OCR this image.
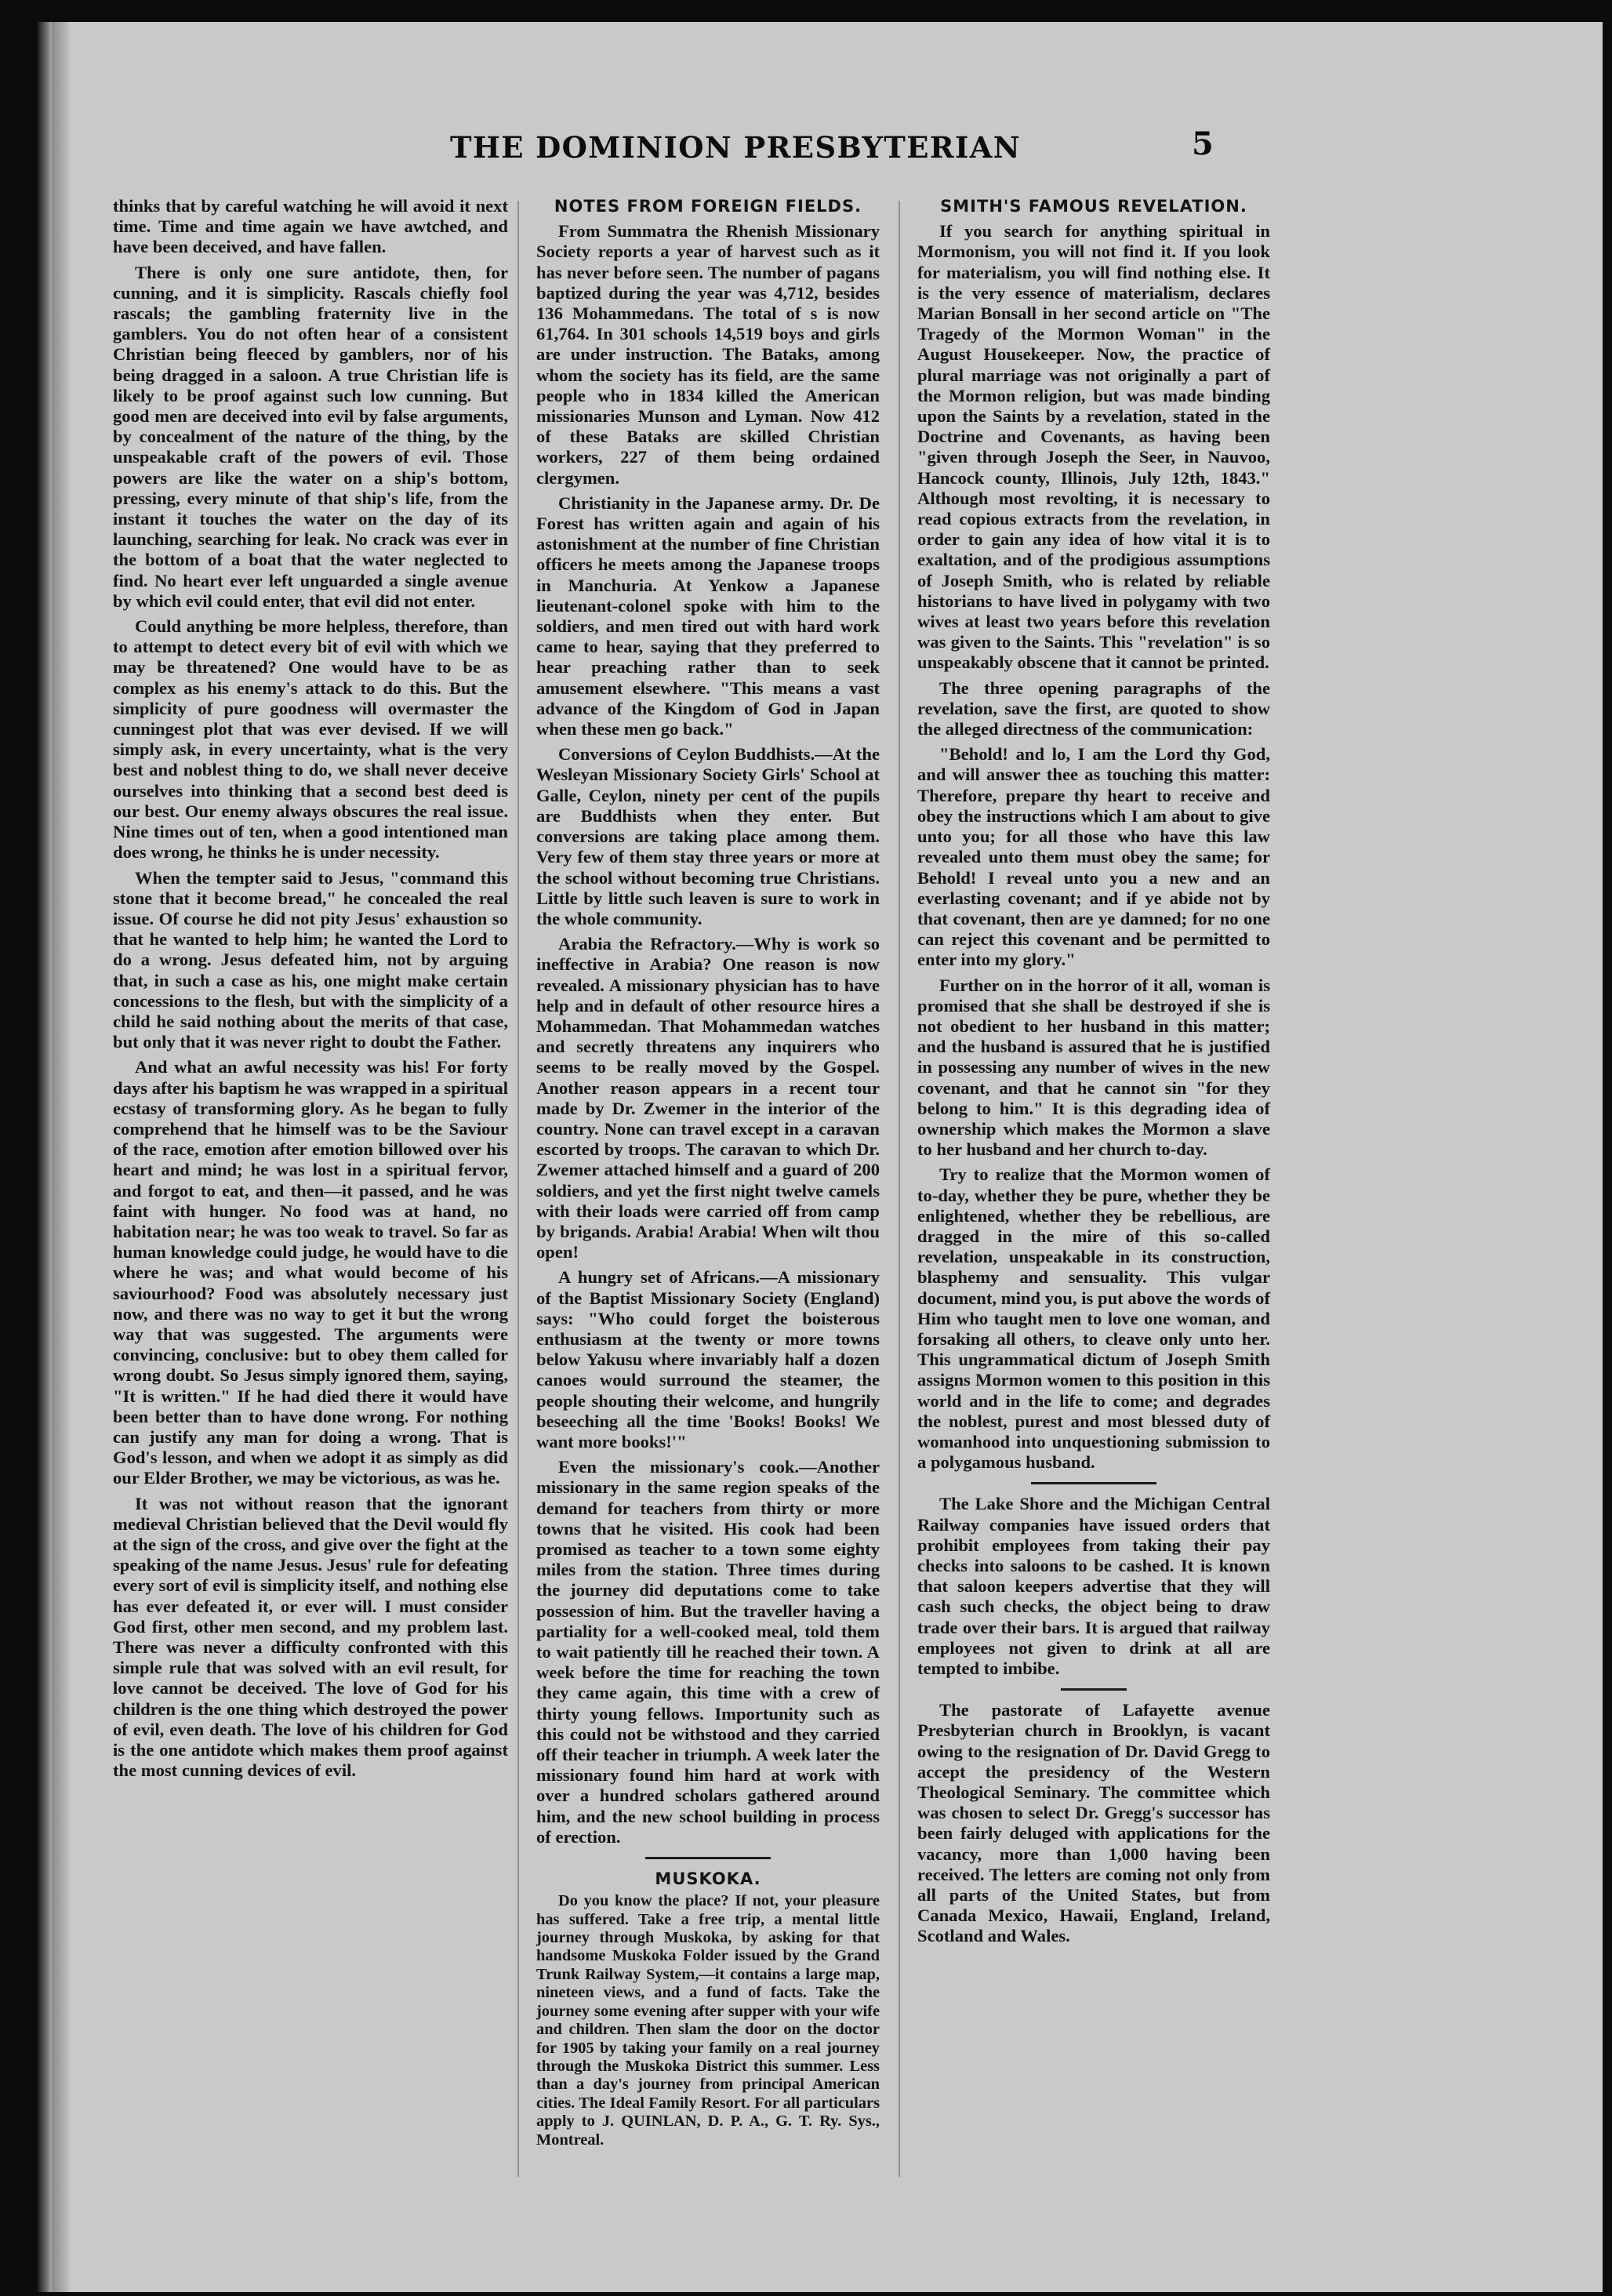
THE DOMINION PRESBYTERIAN	5

thinks that by careful watching he will avoid it next time. Time and time again we have awtched, and have been deceived, and have fallen.

There is only one sure antidote, then, for cunning, and it is simplicity. Rascals chiefly fool rascals; the gambling fraternity live in the gamblers. You do not often hear of a consistent Christian being fleeced by gamblers, nor of his being dragged in a saloon. A true Christian life is likely to be proof against such low cunning. But good men are deceived into evil by false arguments, by concealment of the nature of the thing, by the unspeakable craft of the powers of evil. Those powers are like the water on a ship's bottom, pressing, every minute of that ship's life, from the instant it touches the water on the day of its launching, searching for leak. No crack was ever in the bottom of a boat that the water neglected to find. No heart ever left unguarded a single avenue by which evil could enter, that evil did not enter.

Could anything be more helpless, therefore, than to attempt to detect every bit of evil with which we may be threatened? One would have to be as complex as his enemy's attack to do this. But the simplicity of pure goodness will overmaster the cunningest plot that was ever devised. If we will simply ask, in every uncertainty, what is the very best and noblest thing to do, we shall never deceive ourselves into thinking that a second best deed is our best. Our enemy always obscures the real issue. Nine times out of ten, when a good intentioned man does wrong, he thinks he is under necessity.

When the tempter said to Jesus, "command this stone that it become bread," he concealed the real issue. Of course he did not pity Jesus' exhaustion so that he wanted to help him; he wanted the Lord to do a wrong. Jesus defeated him, not by arguing that, in such a case as his, one might make certain concessions to the flesh, but with the simplicity of a child he said nothing about the merits of that case, but only that it was never right to doubt the Father.

And what an awful necessity was his! For forty days after his baptism he was wrapped in a spiritual ecstasy of transforming glory. As he began to fully comprehend that he himself was to be the Saviour of the race, emotion after emotion billowed over his heart and mind; he was lost in a spiritual fervor, and forgot to eat, and then—it passed, and he was faint with hunger. No food was at hand, no habitation near; he was too weak to travel. So far as human knowledge could judge, he would have to die where he was; and what would become of his saviourhood? Food was absolutely necessary just now, and there was no way to get it but the wrong way that was suggested. The arguments were convincing, conclusive: but to obey them called for wrong doubt. So Jesus simply ignored them, saying, "It is written." If he had died there it would have been better than to have done wrong. For nothing can justify any man for doing a wrong. That is God's lesson, and when we adopt it as simply as did our Elder Brother, we may be victorious, as was he.

It was not without reason that the ignorant medieval Christian believed that the Devil would fly at the sign of the cross, and give over the fight at the speaking of the name Jesus. Jesus' rule for defeating every sort of evil is simplicity itself, and nothing else has ever defeated it, or ever will. I must consider God first, other men second, and my problem last. There was never a difficulty confronted with this simple rule that was solved with an evil result, for love cannot be deceived. The love of God for his children is the one thing which destroyed the power of evil, even death. The love of his children for God is the one antidote which makes them proof against the most cunning devices of evil.

NOTES FROM FOREIGN FIELDS.

From Summatra the Rhenish Missionary Society reports a year of harvest such as it has never before seen. The number of pagans baptized during the year was 4,712, besides 136 Mohammedans. The total of s is now 61,764. In 301 schools 14,519 boys and girls are under instruction. The Bataks, among whom the society has its field, are the same people who in 1834 killed the American missionaries Munson and Lyman. Now 412 of these Bataks are skilled Christian workers, 227 of them being ordained clergymen.

Christianity in the Japanese army. Dr. De Forest has written again and again of his astonishment at the number of fine Christian officers he meets among the Japanese troops in Manchuria. At Yenkow a Japanese lieutenant-colonel spoke with him to the soldiers, and men tired out with hard work came to hear, saying that they preferred to hear preaching rather than to seek amusement elsewhere. "This means a vast advance of the Kingdom of God in Japan when these men go back."

Conversions of Ceylon Buddhists.—At the Wesleyan Missionary Society Girls' School at Galle, Ceylon, ninety per cent of the pupils are Buddhists when they enter. But conversions are taking place among them. Very few of them stay three years or more at the school without becoming true Christians. Little by little such leaven is sure to work in the whole community.

Arabia the Refractory.—Why is work so ineffective in Arabia? One reason is now revealed. A missionary physician has to have help and in default of other resource hires a Mohammedan. That Mohammedan watches and secretly threatens any inquirers who seems to be really moved by the Gospel. Another reason appears in a recent tour made by Dr. Zwemer in the interior of the country. None can travel except in a caravan escorted by troops. The caravan to which Dr. Zwemer attached himself and a guard of 200 soldiers, and yet the first night twelve camels with their loads were carried off from camp by brigands. Arabia! Arabia! When wilt thou open!

A hungry set of Africans.—A missionary of the Baptist Missionary Society (England) says: "Who could forget the boisterous enthusiasm at the twenty or more towns below Yakusu where invariably half a dozen canoes would surround the steamer, the people shouting their welcome, and hungrily beseeching all the time 'Books! Books! We want more books!'"

Even the missionary's cook.—Another missionary in the same region speaks of the demand for teachers from thirty or more towns that he visited. His cook had been promised as teacher to a town some eighty miles from the station. Three times during the journey did deputations come to take possession of him. But the traveller having a partiality for a well-cooked meal, told them to wait patiently till he reached their town. A week before the time for reaching the town they came again, this time with a crew of thirty young fellows. Importunity such as this could not be withstood and they carried off their teacher in triumph. A week later the missionary found him hard at work with over a hundred scholars gathered around him, and the new school building in process of erection.

MUSKOKA.

Do you know the place? If not, your pleasure has suffered. Take a free trip, a mental little journey through Muskoka, by asking for that handsome Muskoka Folder issued by the Grand Trunk Railway System,—it contains a large map, nineteen views, and a fund of facts. Take the journey some evening after supper with your wife and children. Then slam the door on the doctor for 1905 by taking your family on a real journey through the Muskoka District this summer. Less than a day's journey from principal American cities. The Ideal Family Resort. For all particulars apply to J. QUINLAN, D. P. A., G. T. Ry. Sys., Montreal.

SMITH'S FAMOUS REVELATION.

If you search for anything spiritual in Mormonism, you will not find it. If you look for materialism, you will find nothing else. It is the very essence of materialism, declares Marian Bonsall in her second article on "The Tragedy of the Mormon Woman" in the August Housekeeper. Now, the practice of plural marriage was not originally a part of the Mormon religion, but was made binding upon the Saints by a revelation, stated in the Doctrine and Covenants, as having been "given through Joseph the Seer, in Nauvoo, Hancock county, Illinois, July 12th, 1843." Although most revolting, it is necessary to read copious extracts from the revelation, in order to gain any idea of how vital it is to exaltation, and of the prodigious assumptions of Joseph Smith, who is related by reliable historians to have lived in polygamy with two wives at least two years before this revelation was given to the Saints. This "revelation" is so unspeakably obscene that it cannot be printed.

The three opening paragraphs of the revelation, save the first, are quoted to show the alleged directness of the communication:

"Behold! and lo, I am the Lord thy God, and will answer thee as touching this matter: Therefore, prepare thy heart to receive and obey the instructions which I am about to give unto you; for all those who have this law revealed unto them must obey the same; for Behold! I reveal unto you a new and an everlasting covenant; and if ye abide not by that covenant, then are ye damned; for no one can reject this covenant and be permitted to enter into my glory."

Further on in the horror of it all, woman is promised that she shall be destroyed if she is not obedient to her husband in this matter; and the husband is assured that he is justified in possessing any number of wives in the new covenant, and that he cannot sin "for they belong to him." It is this degrading idea of ownership which makes the Mormon a slave to her husband and her church to-day.

Try to realize that the Mormon women of to-day, whether they be pure, whether they be enlightened, whether they be rebellious, are dragged in the mire of this so-called revelation, unspeakable in its construction, blasphemy and sensuality. This vulgar document, mind you, is put above the words of Him who taught men to love one woman, and forsaking all others, to cleave only unto her. This ungrammatical dictum of Joseph Smith assigns Mormon women to this position in this world and in the life to come; and degrades the noblest, purest and most blessed duty of womanhood into unquestioning submission to a polygamous husband.

The Lake Shore and the Michigan Central Railway companies have issued orders that prohibit employees from taking their pay checks into saloons to be cashed. It is known that saloon keepers advertise that they will cash such checks, the object being to draw trade over their bars. It is argued that railway employees not given to drink at all are tempted to imbibe.

The pastorate of Lafayette avenue Presbyterian church in Brooklyn, is vacant owing to the resignation of Dr. David Gregg to accept the presidency of the Western Theological Seminary. The committee which was chosen to select Dr. Gregg's successor has been fairly deluged with applications for the vacancy, more than 1,000 having been received. The letters are coming not only from all parts of the United States, but from Canada Mexico, Hawaii, England, Ireland, Scotland and Wales.
